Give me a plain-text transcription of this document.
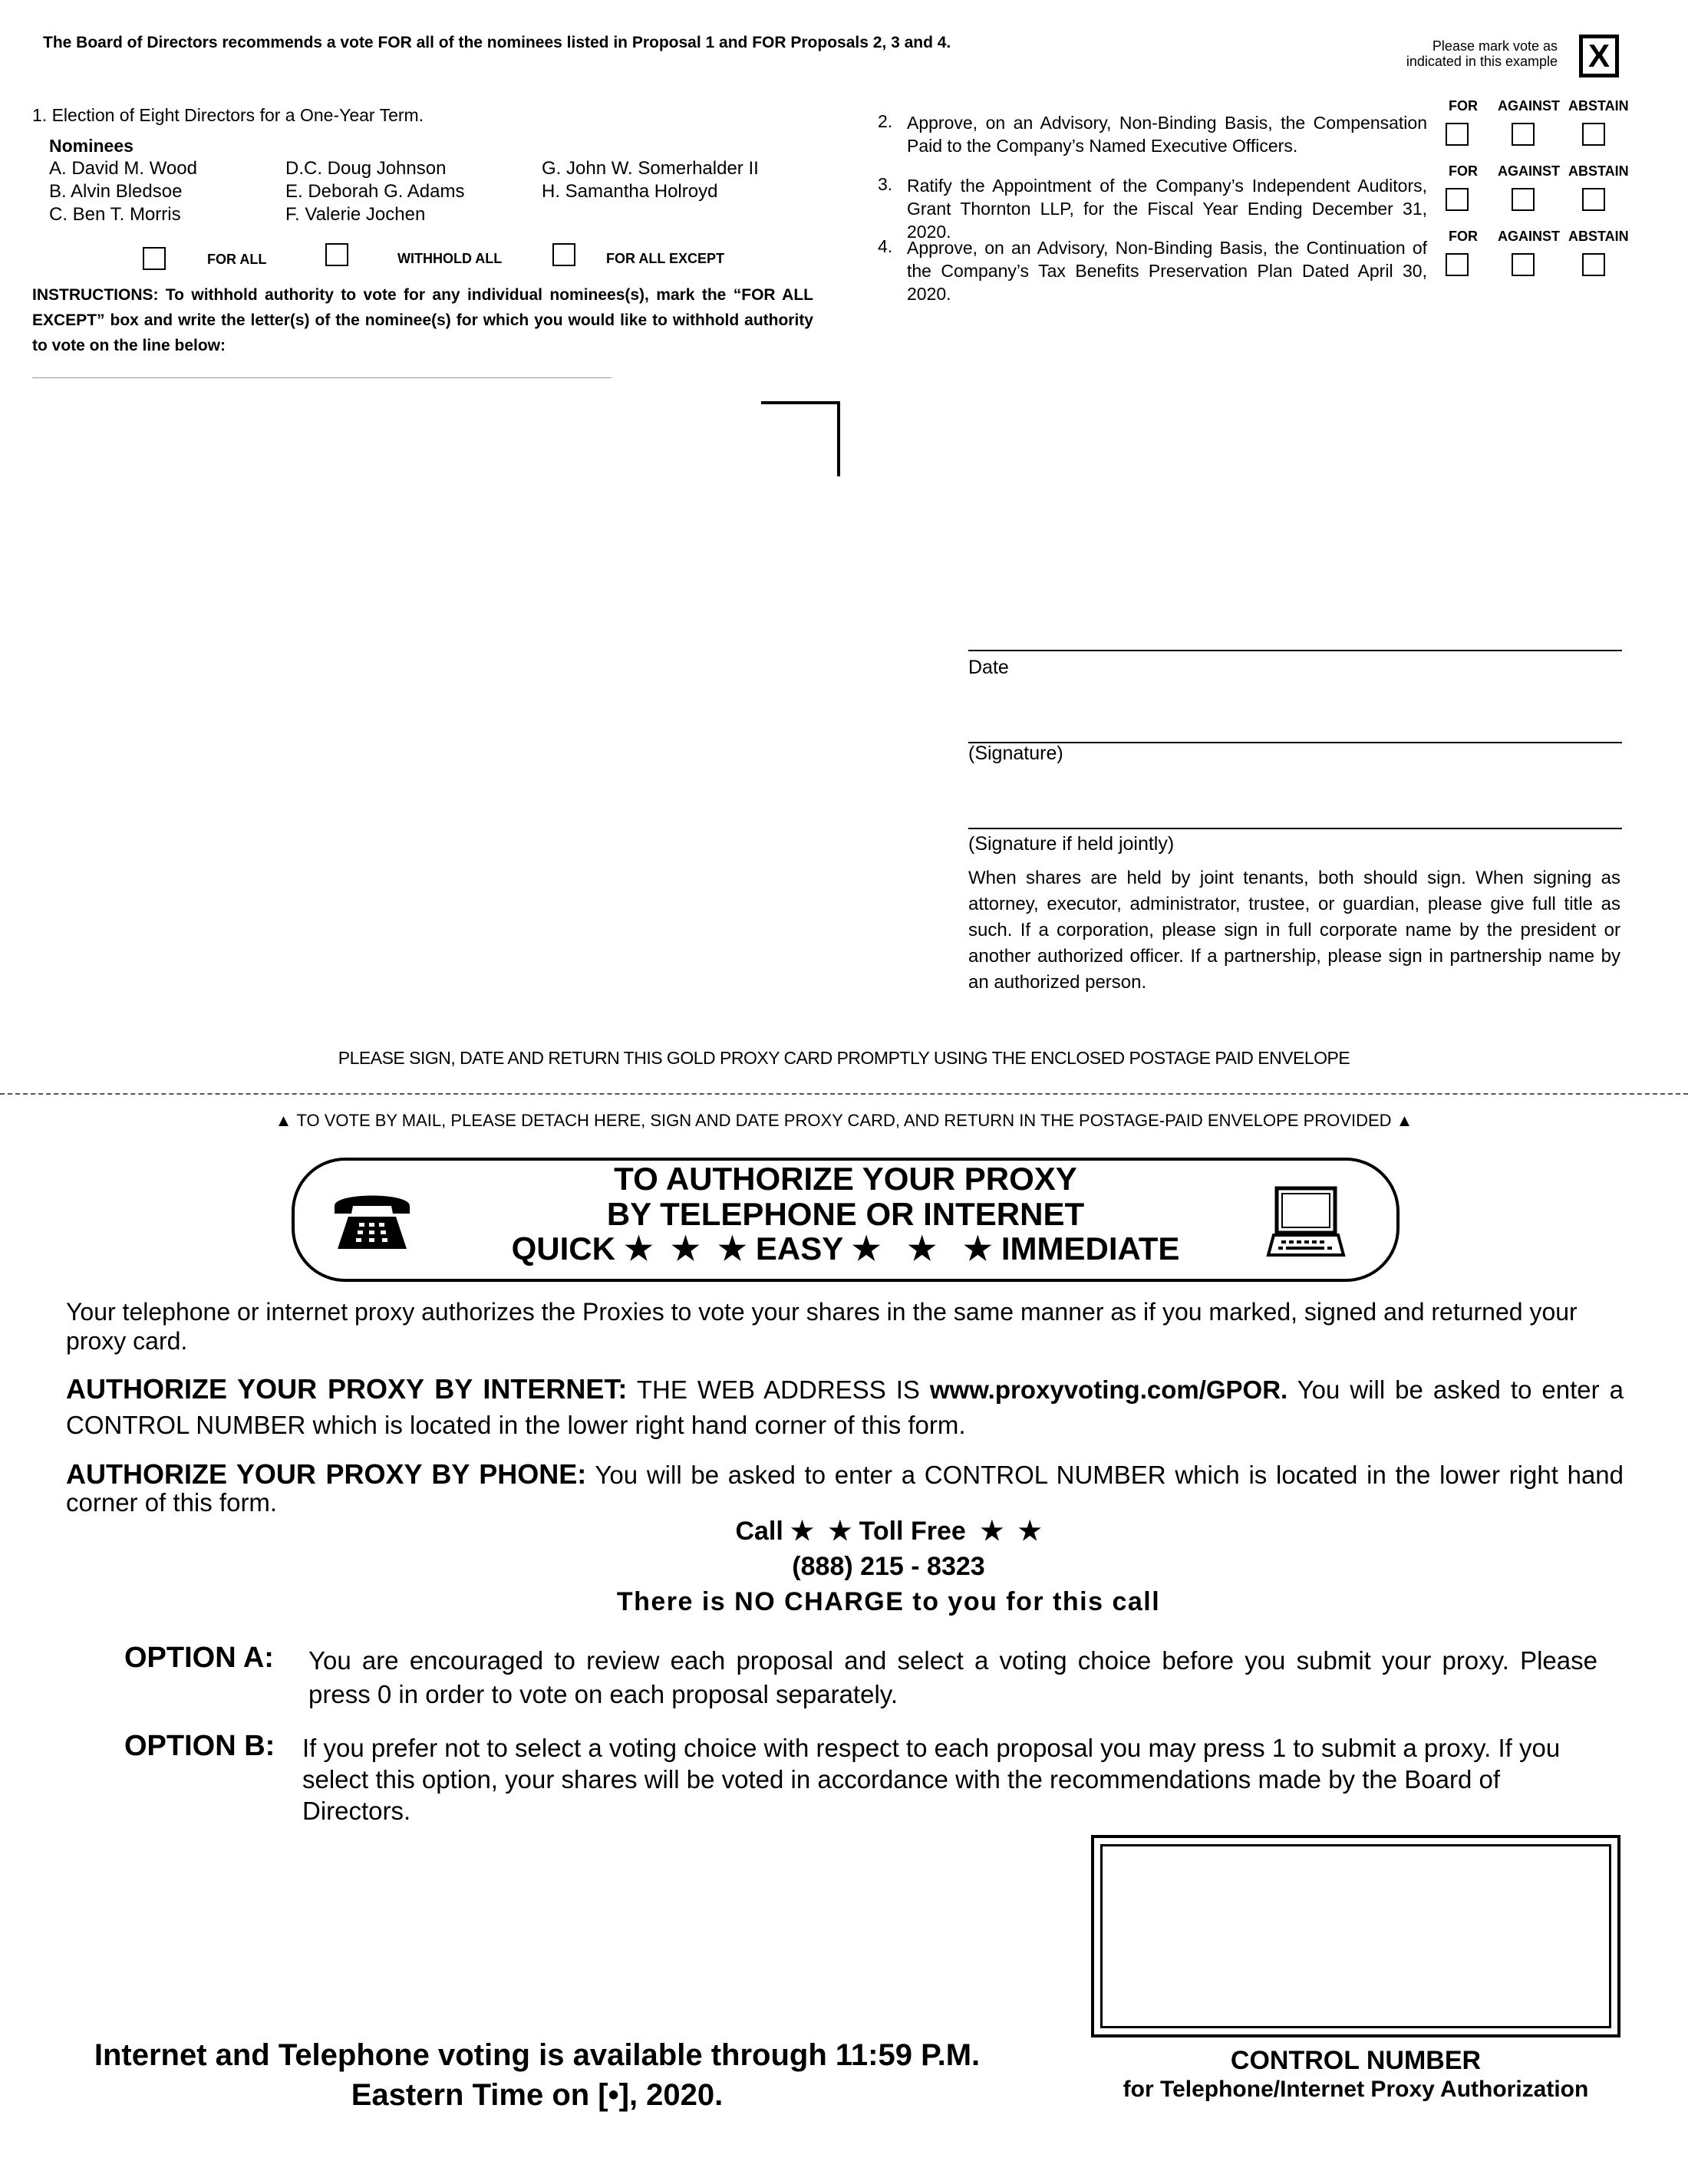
The Board of Directors recommends a vote FOR all of the nominees listed in Proposal 1 and FOR Proposals 2, 3 and 4.	Please mark vote as
indicated in this example X
1. Election of Eight Directors for a One-Year Term.
Nominees
A. David M. Wood
B. Alvin Bledsoe
C. Ben T. Morris
D.C. Doug Johnson
E. Deborah G. Adams
F. Valerie Jochen
G. John W. Somerhalder II
H. Samantha Holroyd
FOR ALL	WITHHOLD ALL	FOR ALL EXCEPT
INSTRUCTIONS: To withhold authority to vote for any individual nominees(s), mark the “FOR ALL EXCEPT” box and write the letter(s) of the nominee(s) for which you would like to withhold authority to vote on the line below:
FOR AGAINST ABSTAIN
FOR AGAINST ABSTAIN
FOR AGAINST ABSTAIN
2. Approve, on an Advisory, Non-Binding Basis, the Compensation Paid to the Company’s Named Executive Officers.
3. Ratify the Appointment of the Company’s Independent Auditors, Grant Thornton LLP, for the Fiscal Year Ending December 31, 2020.
4. Approve, on an Advisory, Non-Binding Basis, the Continuation of the Company’s Tax Benefits Preservation Plan Dated April 30, 2020.
Date
(Signature)
(Signature if held jointly)
When shares are held by joint tenants, both should sign. When signing as attorney, executor, administrator, trustee, or guardian, please give full title as such. If a corporation, please sign in full corporate name by the president or another authorized officer. If a partnership, please sign in partnership name by an authorized person.
PLEASE SIGN, DATE AND RETURN THIS GOLD PROXY CARD PROMPTLY USING THE ENCLOSED POSTAGE PAID ENVELOPE
▲ TO VOTE BY MAIL, PLEASE DETACH HERE, SIGN AND DATE PROXY CARD, AND RETURN IN THE POSTAGE-PAID ENVELOPE PROVIDED ▲
TO AUTHORIZE YOUR PROXY
BY TELEPHONE OR INTERNET
QUICK ★  ★  ★ EASY ★   ★   ★ IMMEDIATE
Your telephone or internet proxy authorizes the Proxies to vote your shares in the same manner as if you marked, signed and returned your proxy card.
AUTHORIZE YOUR PROXY BY INTERNET: THE WEB ADDRESS IS www.proxyvoting.com/GPOR. You will be asked to enter a CONTROL NUMBER which is located in the lower right hand corner of this form.
AUTHORIZE YOUR PROXY BY PHONE: You will be asked to enter a CONTROL NUMBER which is located in the lower right hand corner of this form.
Call ★  ★ Toll Free  ★  ★
(888) 215 - 8323
There is NO CHARGE to you for this call
OPTION A: You are encouraged to review each proposal and select a voting choice before you submit your proxy. Please press 0 in order to vote on each proposal separately.
OPTION B: If you prefer not to select a voting choice with respect to each proposal you may press 1 to submit a proxy. If you select this option, your shares will be voted in accordance with the recommendations made by the Board of Directors.
Internet and Telephone voting is available through 11:59 P.M.
Eastern Time on [•], 2020.
CONTROL NUMBER
for Telephone/Internet Proxy Authorization
